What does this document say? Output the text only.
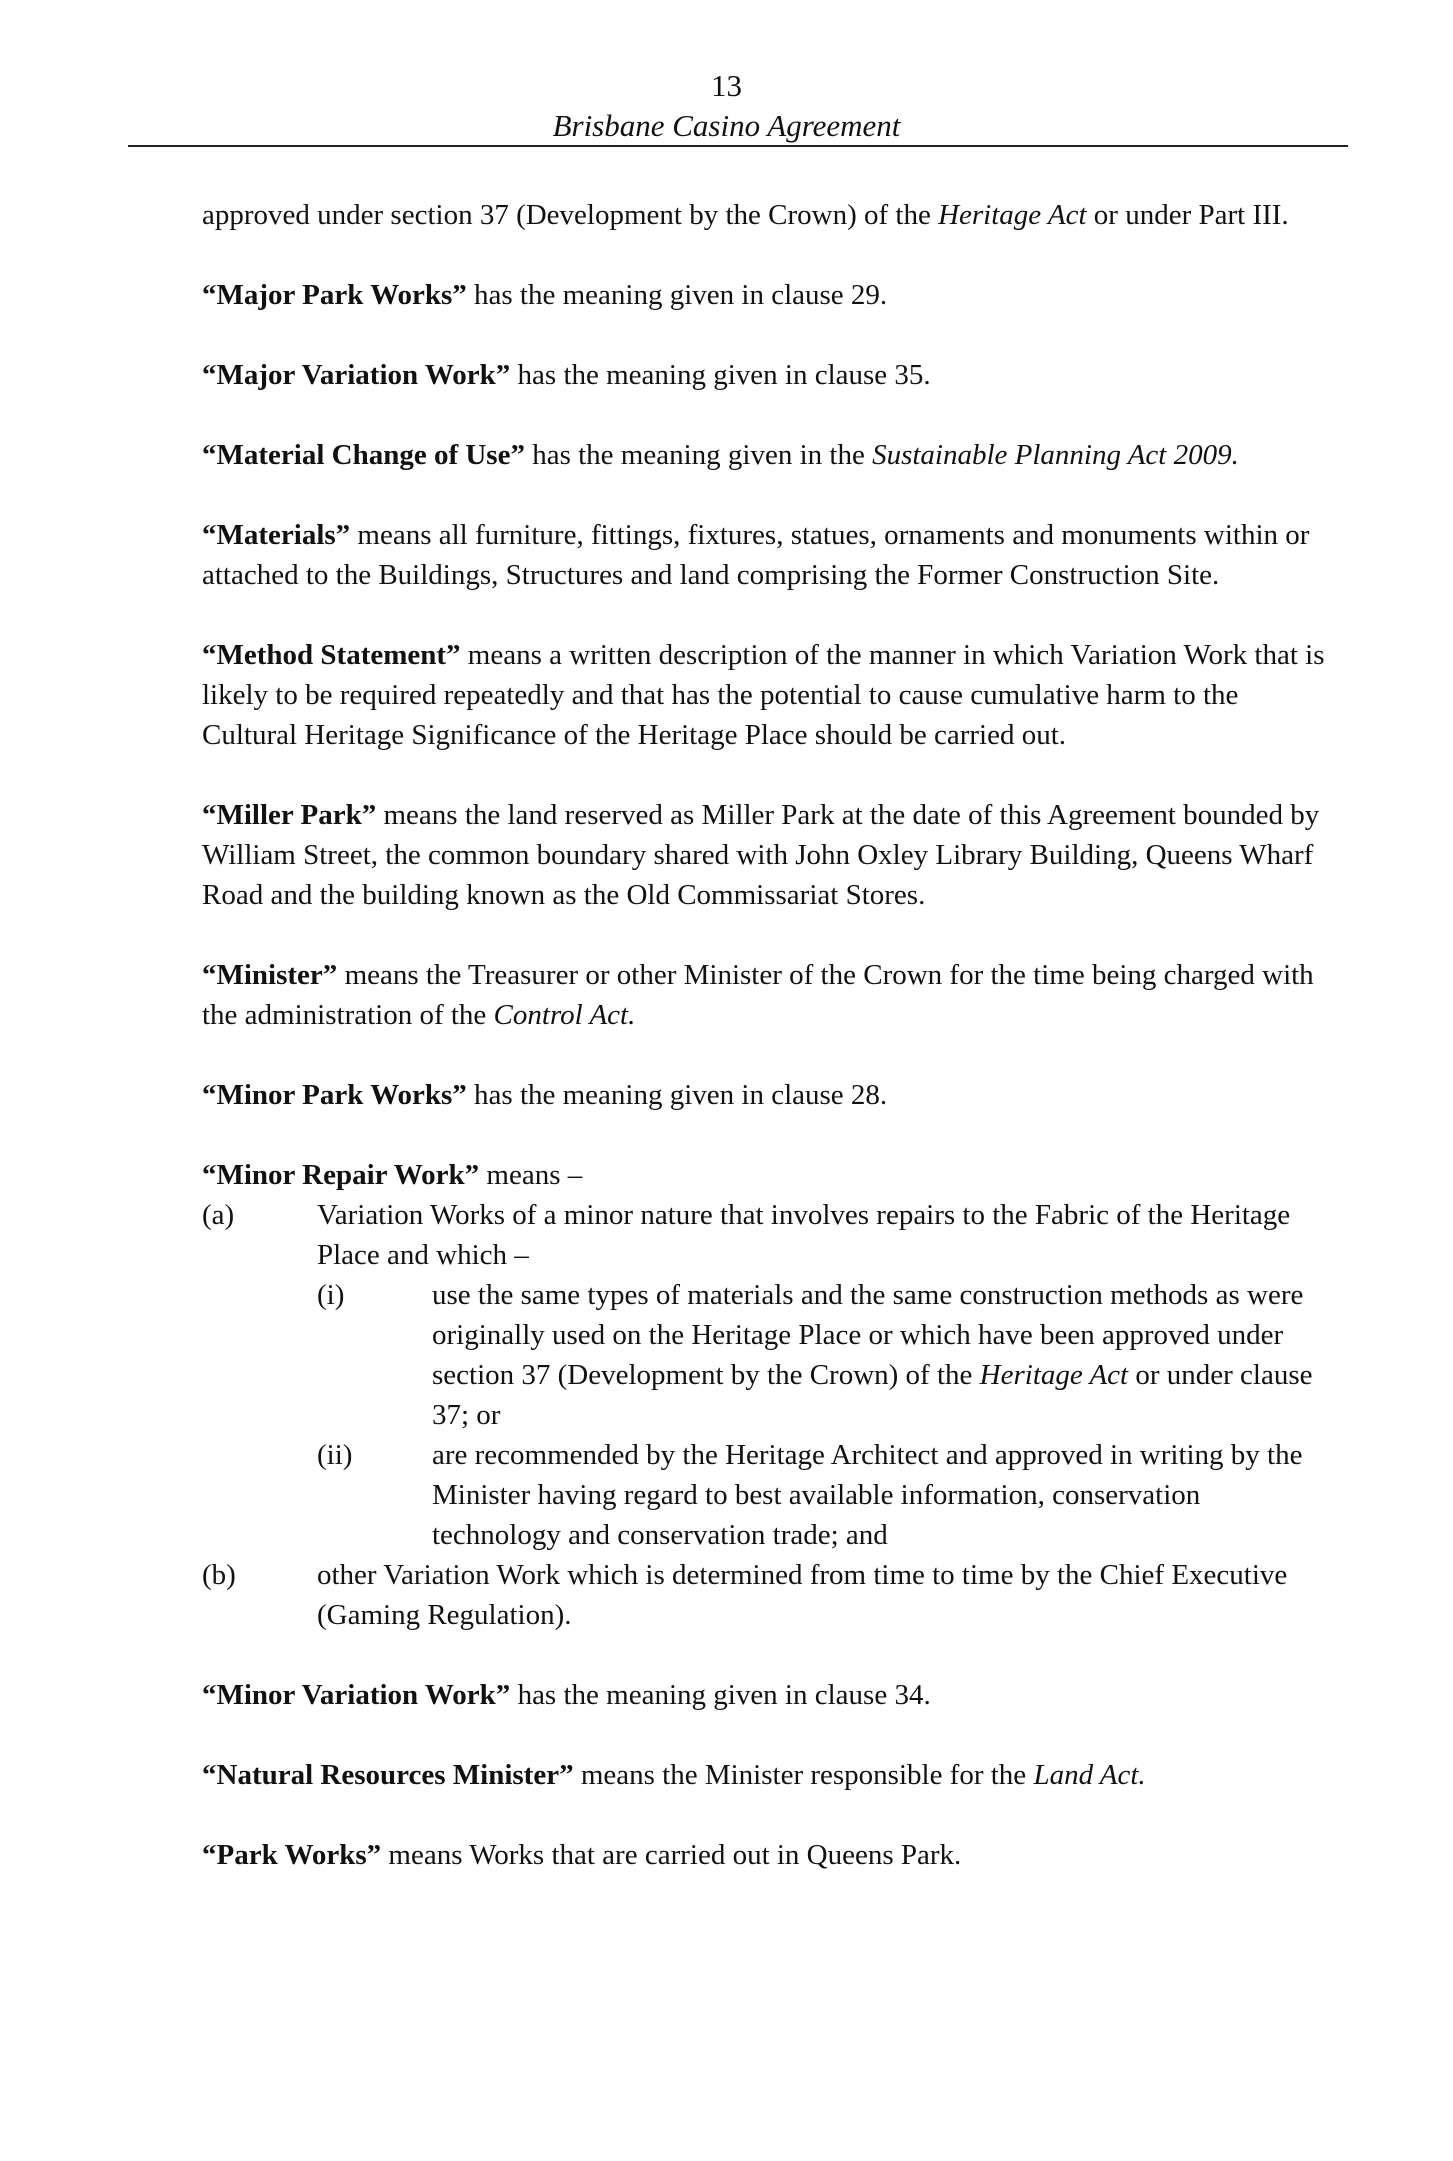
13
Brisbane Casino Agreement
approved under section 37 (Development by the Crown) of the Heritage Act or under Part III.
“Major Park Works” has the meaning given in clause 29.
“Major Variation Work” has the meaning given in clause 35.
“Material Change of Use” has the meaning given in the Sustainable Planning Act 2009.
“Materials” means all furniture, fittings, fixtures, statues, ornaments and monuments within or attached to the Buildings, Structures and land comprising the Former Construction Site.
“Method Statement” means a written description of the manner in which Variation Work that is likely to be required repeatedly and that has the potential to cause cumulative harm to the Cultural Heritage Significance of the Heritage Place should be carried out.
“Miller Park” means the land reserved as Miller Park at the date of this Agreement bounded by William Street, the common boundary shared with John Oxley Library Building, Queens Wharf Road and the building known as the Old Commissariat Stores.
“Minister” means the Treasurer or other Minister of the Crown for the time being charged with the administration of the Control Act.
“Minor Park Works” has the meaning given in clause 28.
“Minor Repair Work” means –
(a)	Variation Works of a minor nature that involves repairs to the Fabric of the Heritage Place and which –
(i)	use the same types of materials and the same construction methods as were originally used on the Heritage Place or which have been approved under section 37 (Development by the Crown) of the Heritage Act or under clause 37; or
(ii)	are recommended by the Heritage Architect and approved in writing by the Minister having regard to best available information, conservation technology and conservation trade; and
(b)	other Variation Work which is determined from time to time by the Chief Executive (Gaming Regulation).
“Minor Variation Work” has the meaning given in clause 34.
“Natural Resources Minister” means the Minister responsible for the Land Act.
“Park Works” means Works that are carried out in Queens Park.
